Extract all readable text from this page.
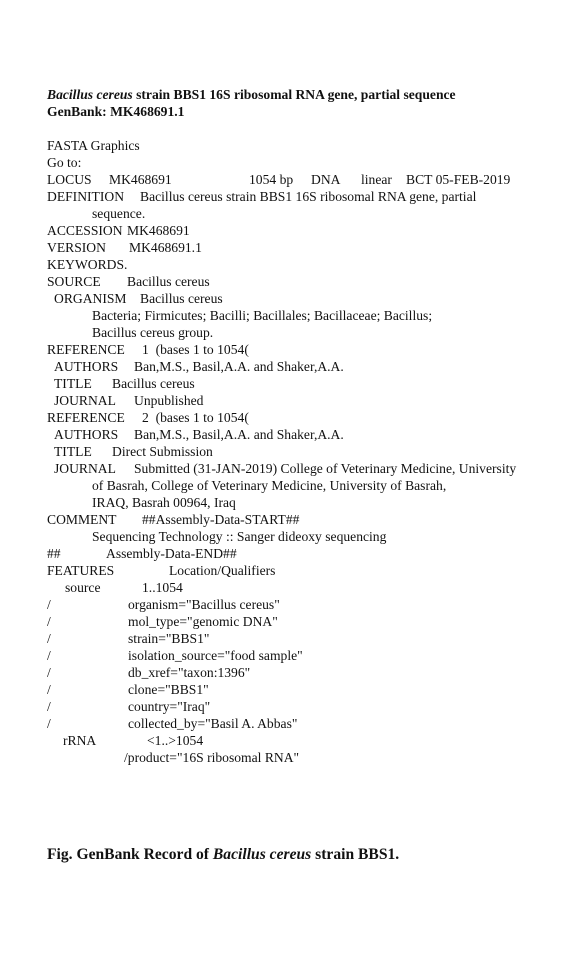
Bacillus cereus strain BBS1 16S ribosomal RNA gene, partial sequence
GenBank: MK468691.1
FASTA Graphics
Go to:
LOCUS MK468691	1054 bp DNA linear BCT 05-FEB-2019
DEFINITION Bacillus cereus strain BBS1 16S ribosomal RNA gene, partial
sequence.
ACCESSION MK468691
VERSION MK468691.1
KEYWORDS.
SOURCE Bacillus cereus
ORGANISM Bacillus cereus
Bacteria; Firmicutes; Bacilli; Bacillales; Bacillaceae; Bacillus;
Bacillus cereus group.
REFERENCE 1  (bases 1 to 1054(
AUTHORS Ban,M.S., Basil,A.A. and Shaker,A.A.
TITLE Bacillus cereus
JOURNAL Unpublished
REFERENCE 2  (bases 1 to 1054(
AUTHORS Ban,M.S., Basil,A.A. and Shaker,A.A.
TITLE Direct Submission
JOURNAL Submitted (31-JAN-2019) College of Veterinary Medicine, University
of Basrah, College of Veterinary Medicine, University of Basrah,
IRAQ, Basrah 00964, Iraq
COMMENT ##Assembly-Data-START##
Sequencing Technology :: Sanger dideoxy sequencing
##	Assembly-Data-END##
FEATURES	Location/Qualifiers
source	1..1054
/	organism="Bacillus cereus"
/	mol_type="genomic DNA"
/	strain="BBS1"
/	isolation_source="food sample"
/	db_xref="taxon:1396"
/	clone="BBS1"
/	country="Iraq"
/	collected_by="Basil A. Abbas"
rRNA	<1..>1054
/product="16S ribosomal RNA"
Fig. GenBank Record of Bacillus cereus strain BBS1.
